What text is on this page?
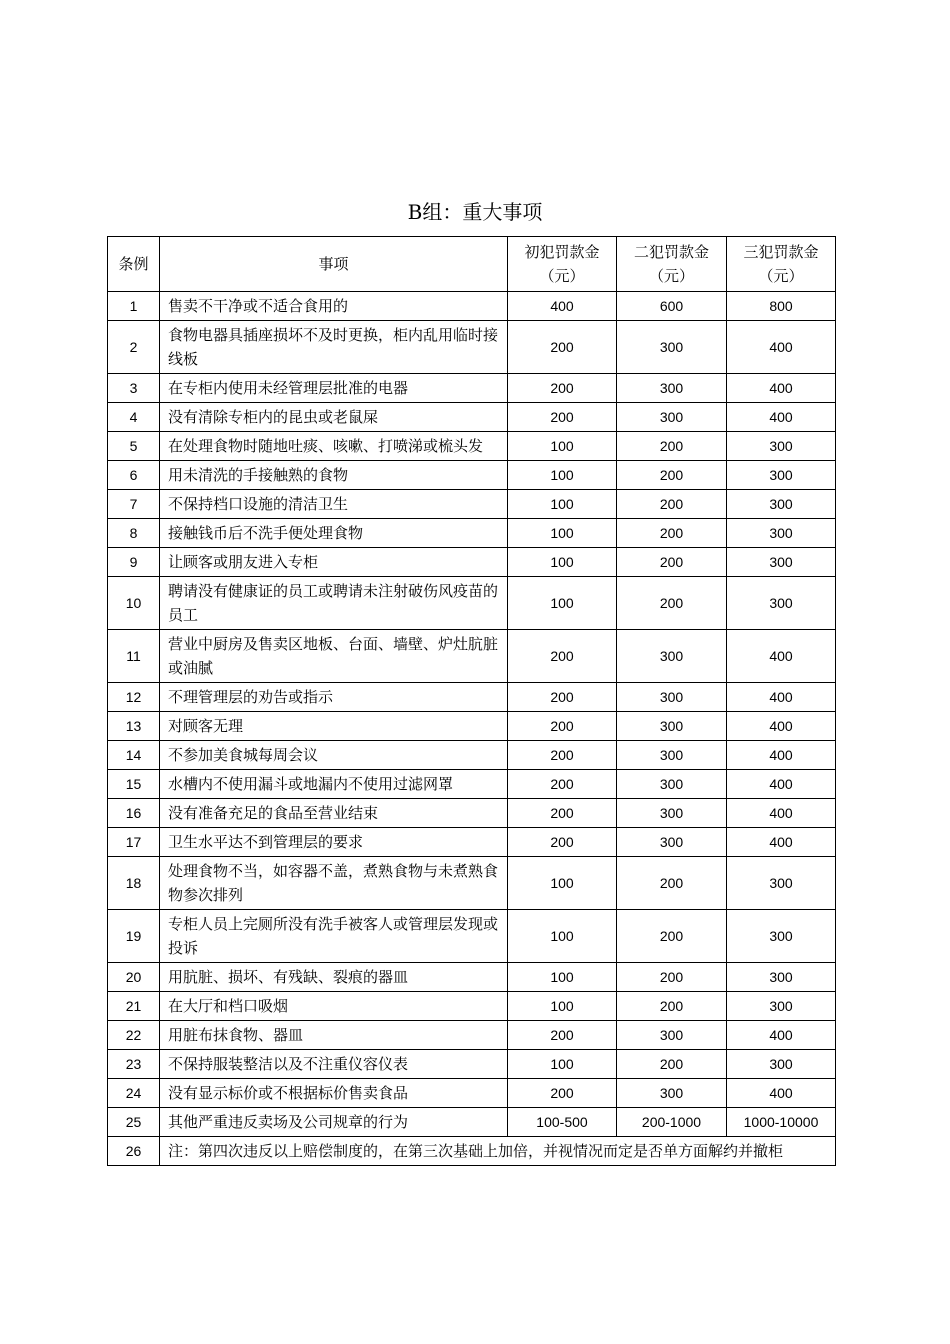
B组：重大事项
条例	事项	初犯罚款金（元）	二犯罚款金（元）	三犯罚款金（元）
1	售卖不干净或不适合食用的	400	600	800
2	食物电器具插座损坏不及时更换，柜内乱用临时接线板	200	300	400
3	在专柜内使用未经管理层批准的电器	200	300	400
4	没有清除专柜内的昆虫或老鼠屎	200	300	400
5	在处理食物时随地吐痰、咳嗽、打喷涕或梳头发	100	200	300
6	用未清洗的手接触熟的食物	100	200	300
7	不保持档口设施的清洁卫生	100	200	300
8	接触钱币后不洗手便处理食物	100	200	300
9	让顾客或朋友进入专柜	100	200	300
10	聘请没有健康证的员工或聘请未注射破伤风疫苗的员工	100	200	300
11	营业中厨房及售卖区地板、台面、墙壁、炉灶肮脏或油腻	200	300	400
12	不理管理层的劝告或指示	200	300	400
13	对顾客无理	200	300	400
14	不参加美食城每周会议	200	300	400
15	水槽内不使用漏斗或地漏内不使用过滤网罩	200	300	400
16	没有准备充足的食品至营业结束	200	300	400
17	卫生水平达不到管理层的要求	200	300	400
18	处理食物不当，如容器不盖，煮熟食物与未煮熟食物参次排列	100	200	300
19	专柜人员上完厕所没有洗手被客人或管理层发现或投诉	100	200	300
20	用肮脏、损坏、有残缺、裂痕的器皿	100	200	300
21	在大厅和档口吸烟	100	200	300
22	用脏布抹食物、器皿	200	300	400
23	不保持服装整洁以及不注重仪容仪表	100	200	300
24	没有显示标价或不根据标价售卖食品	200	300	400
25	其他严重违反卖场及公司规章的行为	100-500	200-1000	1000-10000
26	注：第四次违反以上赔偿制度的，在第三次基础上加倍，并视情况而定是否单方面解约并撤柜			
